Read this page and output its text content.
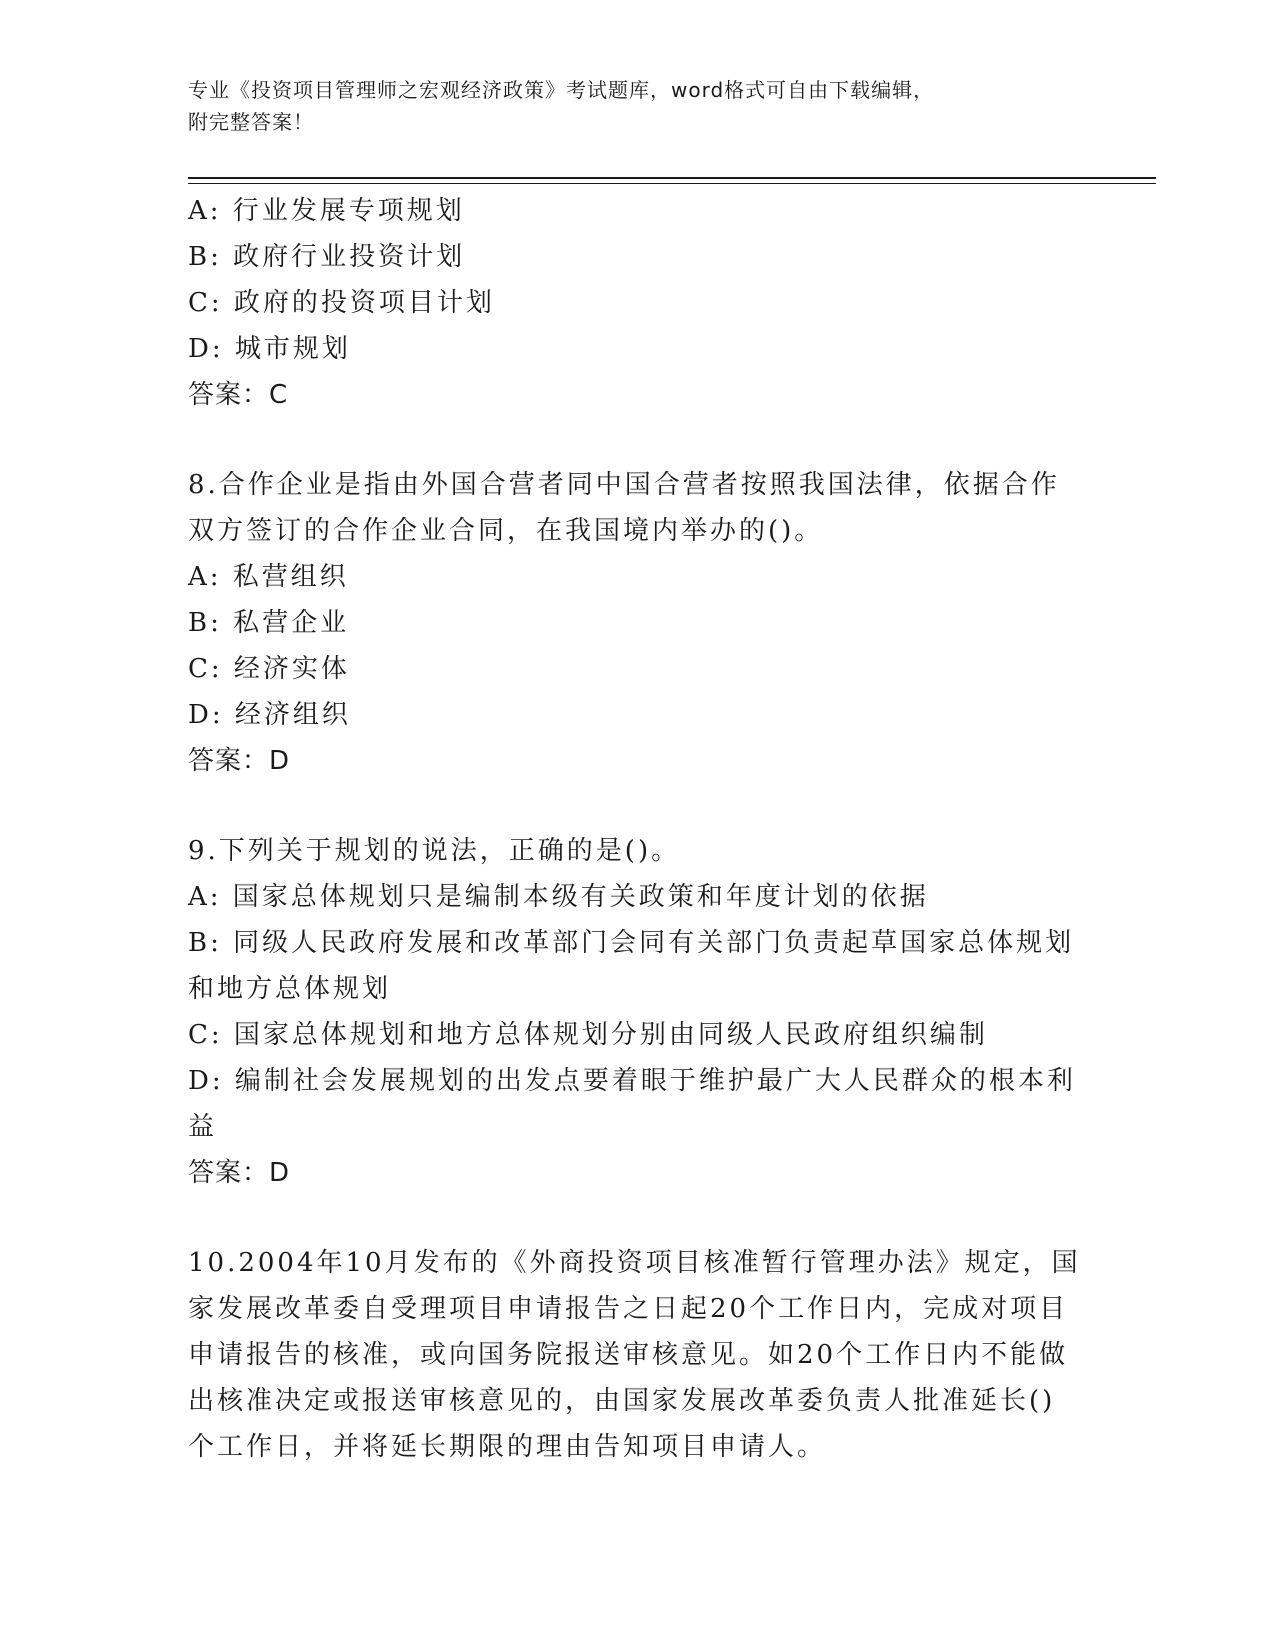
专业《投资项目管理师之宏观经济政策》考试题库，word格式可自由下载编辑，
附完整答案！
A: 行业发展专项规划
B: 政府行业投资计划
C: 政府的投资项目计划
D: 城市规划
答案：C
8.合作企业是指由外国合营者同中国合营者按照我国法律，依据合作
双方签订的合作企业合同，在我国境内举办的()。
A: 私营组织
B: 私营企业
C: 经济实体
D: 经济组织
答案：D
9.下列关于规划的说法，正确的是()。
A: 国家总体规划只是编制本级有关政策和年度计划的依据
B: 同级人民政府发展和改革部门会同有关部门负责起草国家总体规划
和地方总体规划
C: 国家总体规划和地方总体规划分别由同级人民政府组织编制
D: 编制社会发展规划的出发点要着眼于维护最广大人民群众的根本利
益
答案：D
10.2004年10月发布的《外商投资项目核准暂行管理办法》规定，国
家发展改革委自受理项目申请报告之日起20个工作日内，完成对项目
申请报告的核准，或向国务院报送审核意见。如20个工作日内不能做
出核准决定或报送审核意见的，由国家发展改革委负责人批准延长()
个工作日，并将延长期限的理由告知项目申请人。
